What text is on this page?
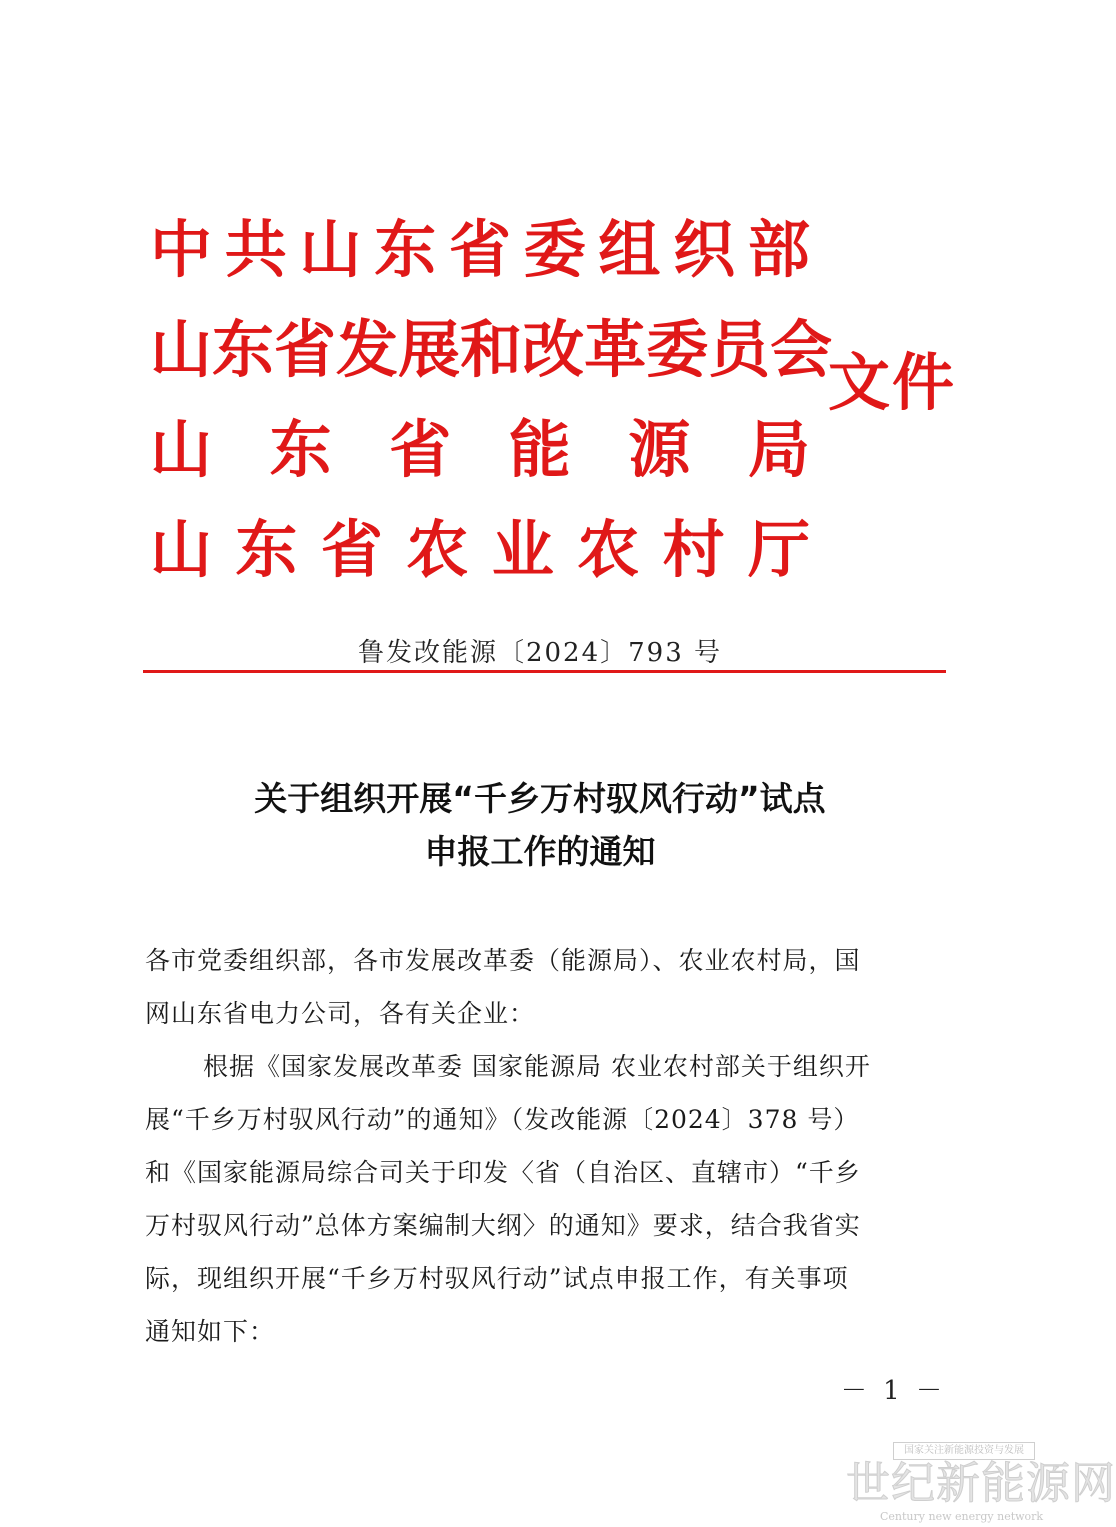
中 共 山 东 省 委 组 织 部
山 东 省 发 展 和 改 革 委 员 会
山 东 省 能 源 局
山 东 省 农 业 农 村 厅
文件
鲁发改能源〔2024〕793 号
关于组织开展“千乡万村驭风行动”试点
申报工作的通知
各市党委组织部，各市发展改革委（能源局）、农业农村局，国
网山东省电力公司，各有关企业：
根据《国家发展改革委 国家能源局 农业农村部关于组织开
展“千乡万村驭风行动”的通知》（发改能源〔2024〕378 号）
和《国家能源局综合司关于印发〈省（自治区、直辖市）“千乡
万村驭风行动”总体方案编制大纲〉的通知》要求，结合我省实
际，现组织开展“千乡万村驭风行动”试点申报工作，有关事项
通知如下：
－ 1 －
国家关注新能源投资与发展
世纪新能源网
Century new energy network
